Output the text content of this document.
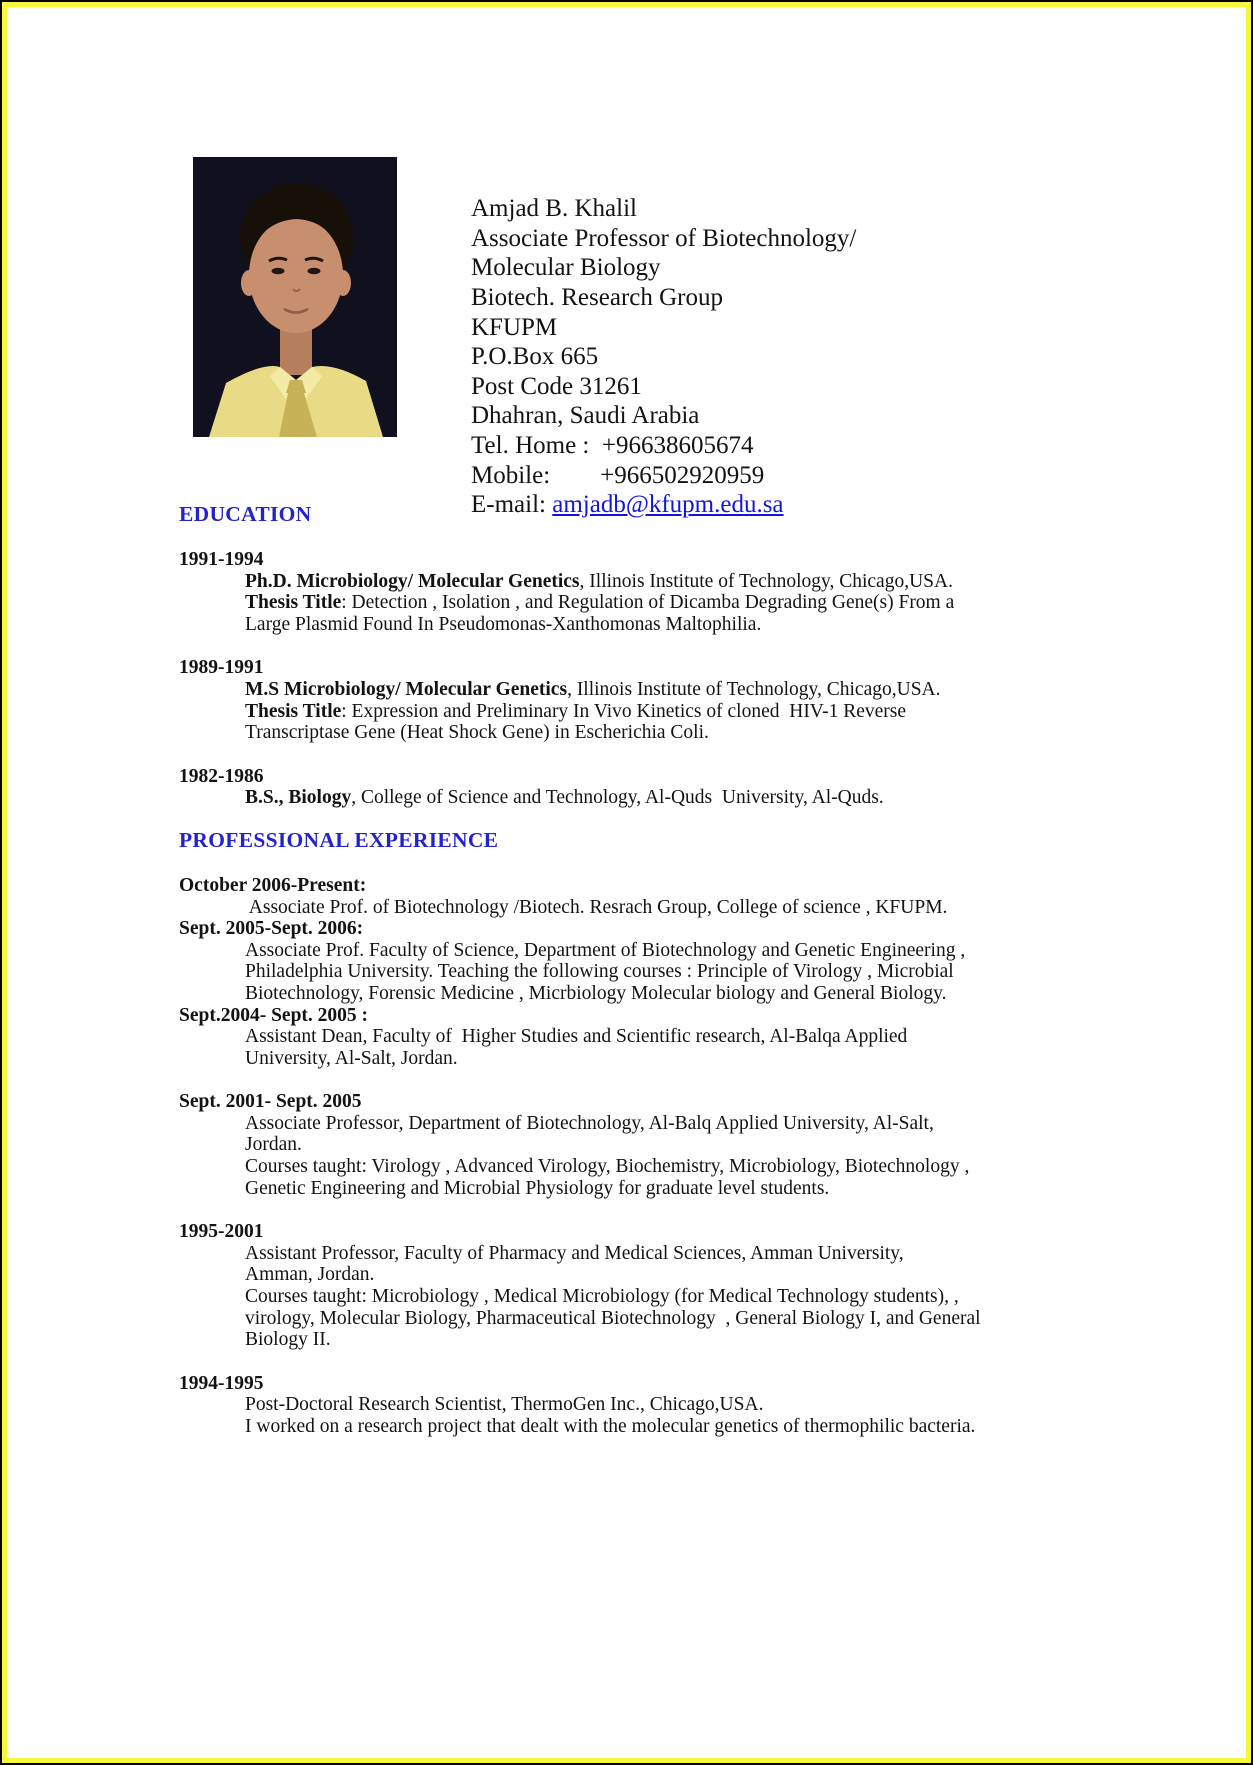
Amjad B. Khalil
Associate Professor of Biotechnology/
Molecular Biology
Biotech. Research Group
KFUPM
P.O.Box 665
Post Code 31261
Dhahran, Saudi Arabia
Tel. Home :  +96638605674
Mobile:        +966502920959
E-mail: amjadb@kfupm.edu.sa

EDUCATION
1991-1994
Ph.D. Microbiology/ Molecular Genetics, Illinois Institute of Technology, Chicago,USA.
Thesis Title: Detection , Isolation , and Regulation of Dicamba Degrading Gene(s) From a
Large Plasmid Found In Pseudomonas-Xanthomonas Maltophilia.
1989-1991
M.S Microbiology/ Molecular Genetics, Illinois Institute of Technology, Chicago,USA.
Thesis Title: Expression and Preliminary In Vivo Kinetics of cloned  HIV-1 Reverse
Transcriptase Gene (Heat Shock Gene) in Escherichia Coli.
1982-1986
B.S., Biology, College of Science and Technology, Al-Quds  University, Al-Quds.
PROFESSIONAL EXPERIENCE
October 2006-Present:
Associate Prof. of Biotechnology /Biotech. Resrach Group, College of science , KFUPM.
Sept. 2005-Sept. 2006:
Associate Prof. Faculty of Science, Department of Biotechnology and Genetic Engineering ,
Philadelphia University. Teaching the following courses : Principle of Virology , Microbial
Biotechnology, Forensic Medicine , Micrbiology Molecular biology and General Biology.
Sept.2004- Sept. 2005 :
Assistant Dean, Faculty of  Higher Studies and Scientific research, Al-Balqa Applied
University, Al-Salt, Jordan.
Sept. 2001- Sept. 2005
Associate Professor, Department of Biotechnology, Al-Balq Applied University, Al-Salt,
Jordan.
Courses taught: Virology , Advanced Virology, Biochemistry, Microbiology, Biotechnology ,
Genetic Engineering and Microbial Physiology for graduate level students.
1995-2001
Assistant Professor, Faculty of Pharmacy and Medical Sciences, Amman University,
Amman, Jordan.
Courses taught: Microbiology , Medical Microbiology (for Medical Technology students), ,
virology, Molecular Biology, Pharmaceutical Biotechnology  , General Biology I, and General
Biology II.
1994-1995
Post-Doctoral Research Scientist, ThermoGen Inc., Chicago,USA.
I worked on a research project that dealt with the molecular genetics of thermophilic bacteria.
